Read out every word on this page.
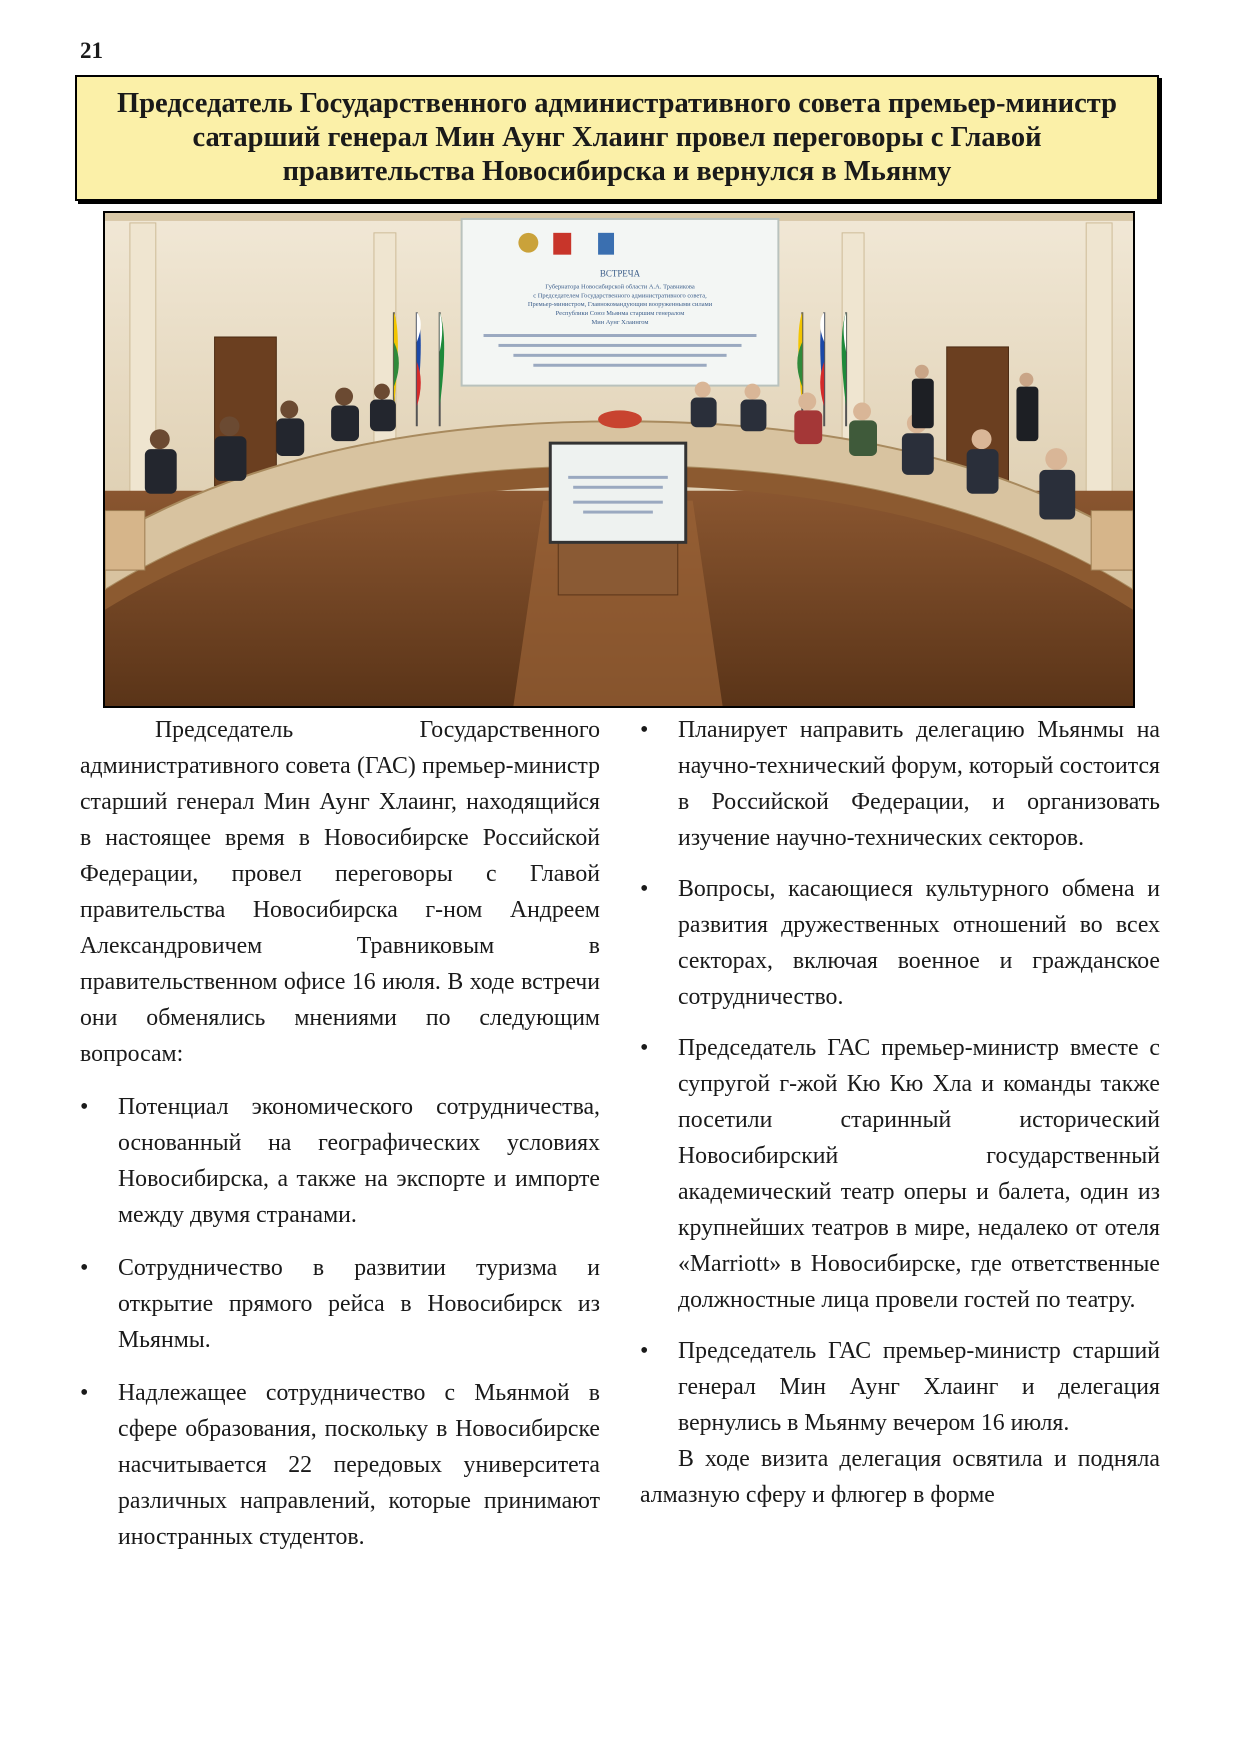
21
Председатель Государственного административного совета премьер-министр сатарший генерал Мин Аунг Хлаинг провел переговоры с Главой правительства Новосибирска и вернулся в Мьянму
ВСТРЕЧА
Губернатора Новосибирской области А.А. Травникова
с Председателем Государственного административного совета,
Премьер-министром, Главнокомандующим вооруженными силами
Республики Союз Мьянма старшим генералом
Мин Аунг Хлаингом

Председатель Государственного административного совета (ГАС) премьер-министр старший генерал Мин Аунг Хлаинг, находящийся в настоящее время в Новосибирске Российской Федерации, провел переговоры с Главой правительства Новосибирска г-ном Андреем Александровичем Травниковым в правительственном офисе 16 июля. В ходе встречи они обменялись мнениями по следующим вопросам:

• Потенциал экономического сотрудничества, основанный на географических условиях Новосибирска, а также на экспорте и импорте между двумя странами.
• Сотрудничество в развитии туризма и открытие прямого рейса в Новосибирск из Мьянмы.
• Надлежащее сотрудничество с Мьянмой в сфере образования, поскольку в Новосибирске насчитывается 22 передовых университета различных направлений, которые принимают иностранных студентов.
• Планирует направить делегацию Мьянмы на научно-технический форум, который состоится в Российской Федерации, и организовать изучение научно-технических секторов.
• Вопросы, касающиеся культурного обмена и развития дружественных отношений во всех секторах, включая военное и гражданское сотрудничество.
• Председатель ГАС премьер-министр вместе с супругой г-жой Кю Кю Хла и команды также посетили старинный исторический Новосибирский государственный академический театр оперы и балета, один из крупнейших театров в мире, недалеко от отеля «Marriott» в Новосибирске, где ответственные должностные лица провели гостей по театру.
• Председатель ГАС премьер-министр старший генерал Мин Аунг Хлаинг и делегация вернулись в Мьянму вечером 16 июля.

В ходе визита делегация освятила и подняла алмазную сферу и флюгер в форме
